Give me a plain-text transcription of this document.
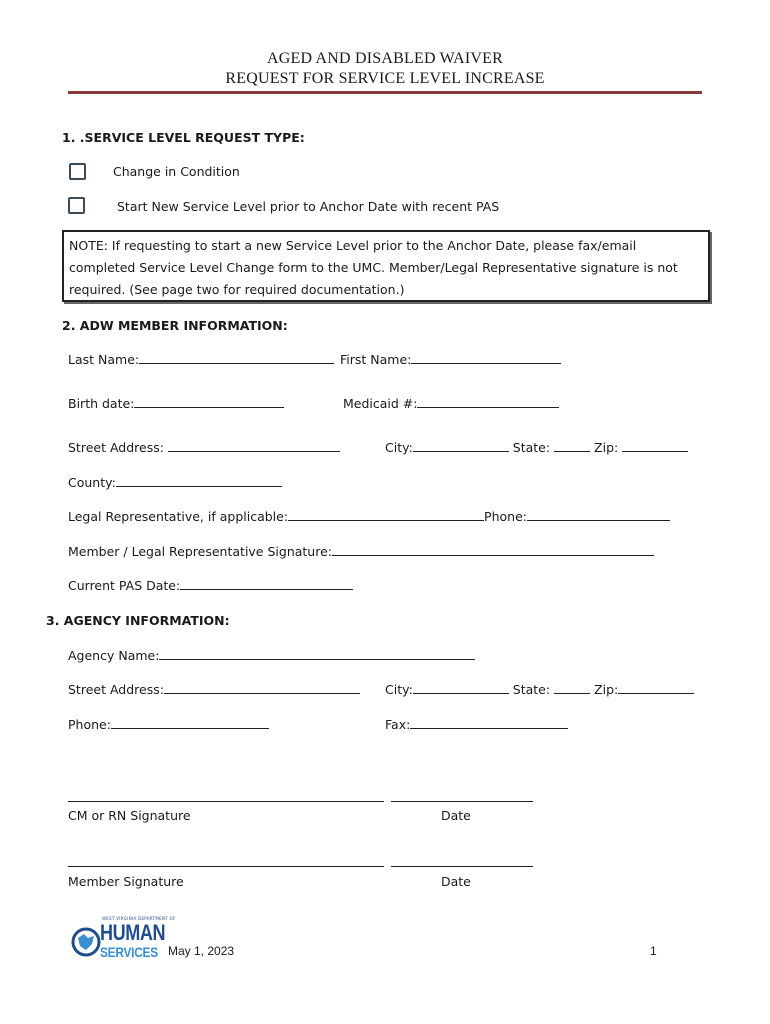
AGED AND DISABLED WAIVER
REQUEST FOR SERVICE LEVEL INCREASE
1. .SERVICE LEVEL REQUEST TYPE:
Change in Condition
Start New Service Level prior to Anchor Date with recent PAS
NOTE: If requesting to start a new Service Level prior to the Anchor Date, please fax/email completed Service Level Change form to the UMC. Member/Legal Representative signature is not required. (See page two for required documentation.)
2. ADW MEMBER INFORMATION:
Last Name:	First Name:
Birth date:	Medicaid #:
Street Address:	City:	State:	Zip:
County:
Legal Representative, if applicable:	Phone:
Member / Legal Representative Signature:
Current PAS Date:
3. AGENCY INFORMATION:
Agency Name:
Street Address:	City:	State:	Zip:
Phone:	Fax:
CM or RN Signature	Date
Member Signature	Date
WEST VIRGINIA DEPARTMENT OF
HUMAN
SERVICES May 1, 2023	1
